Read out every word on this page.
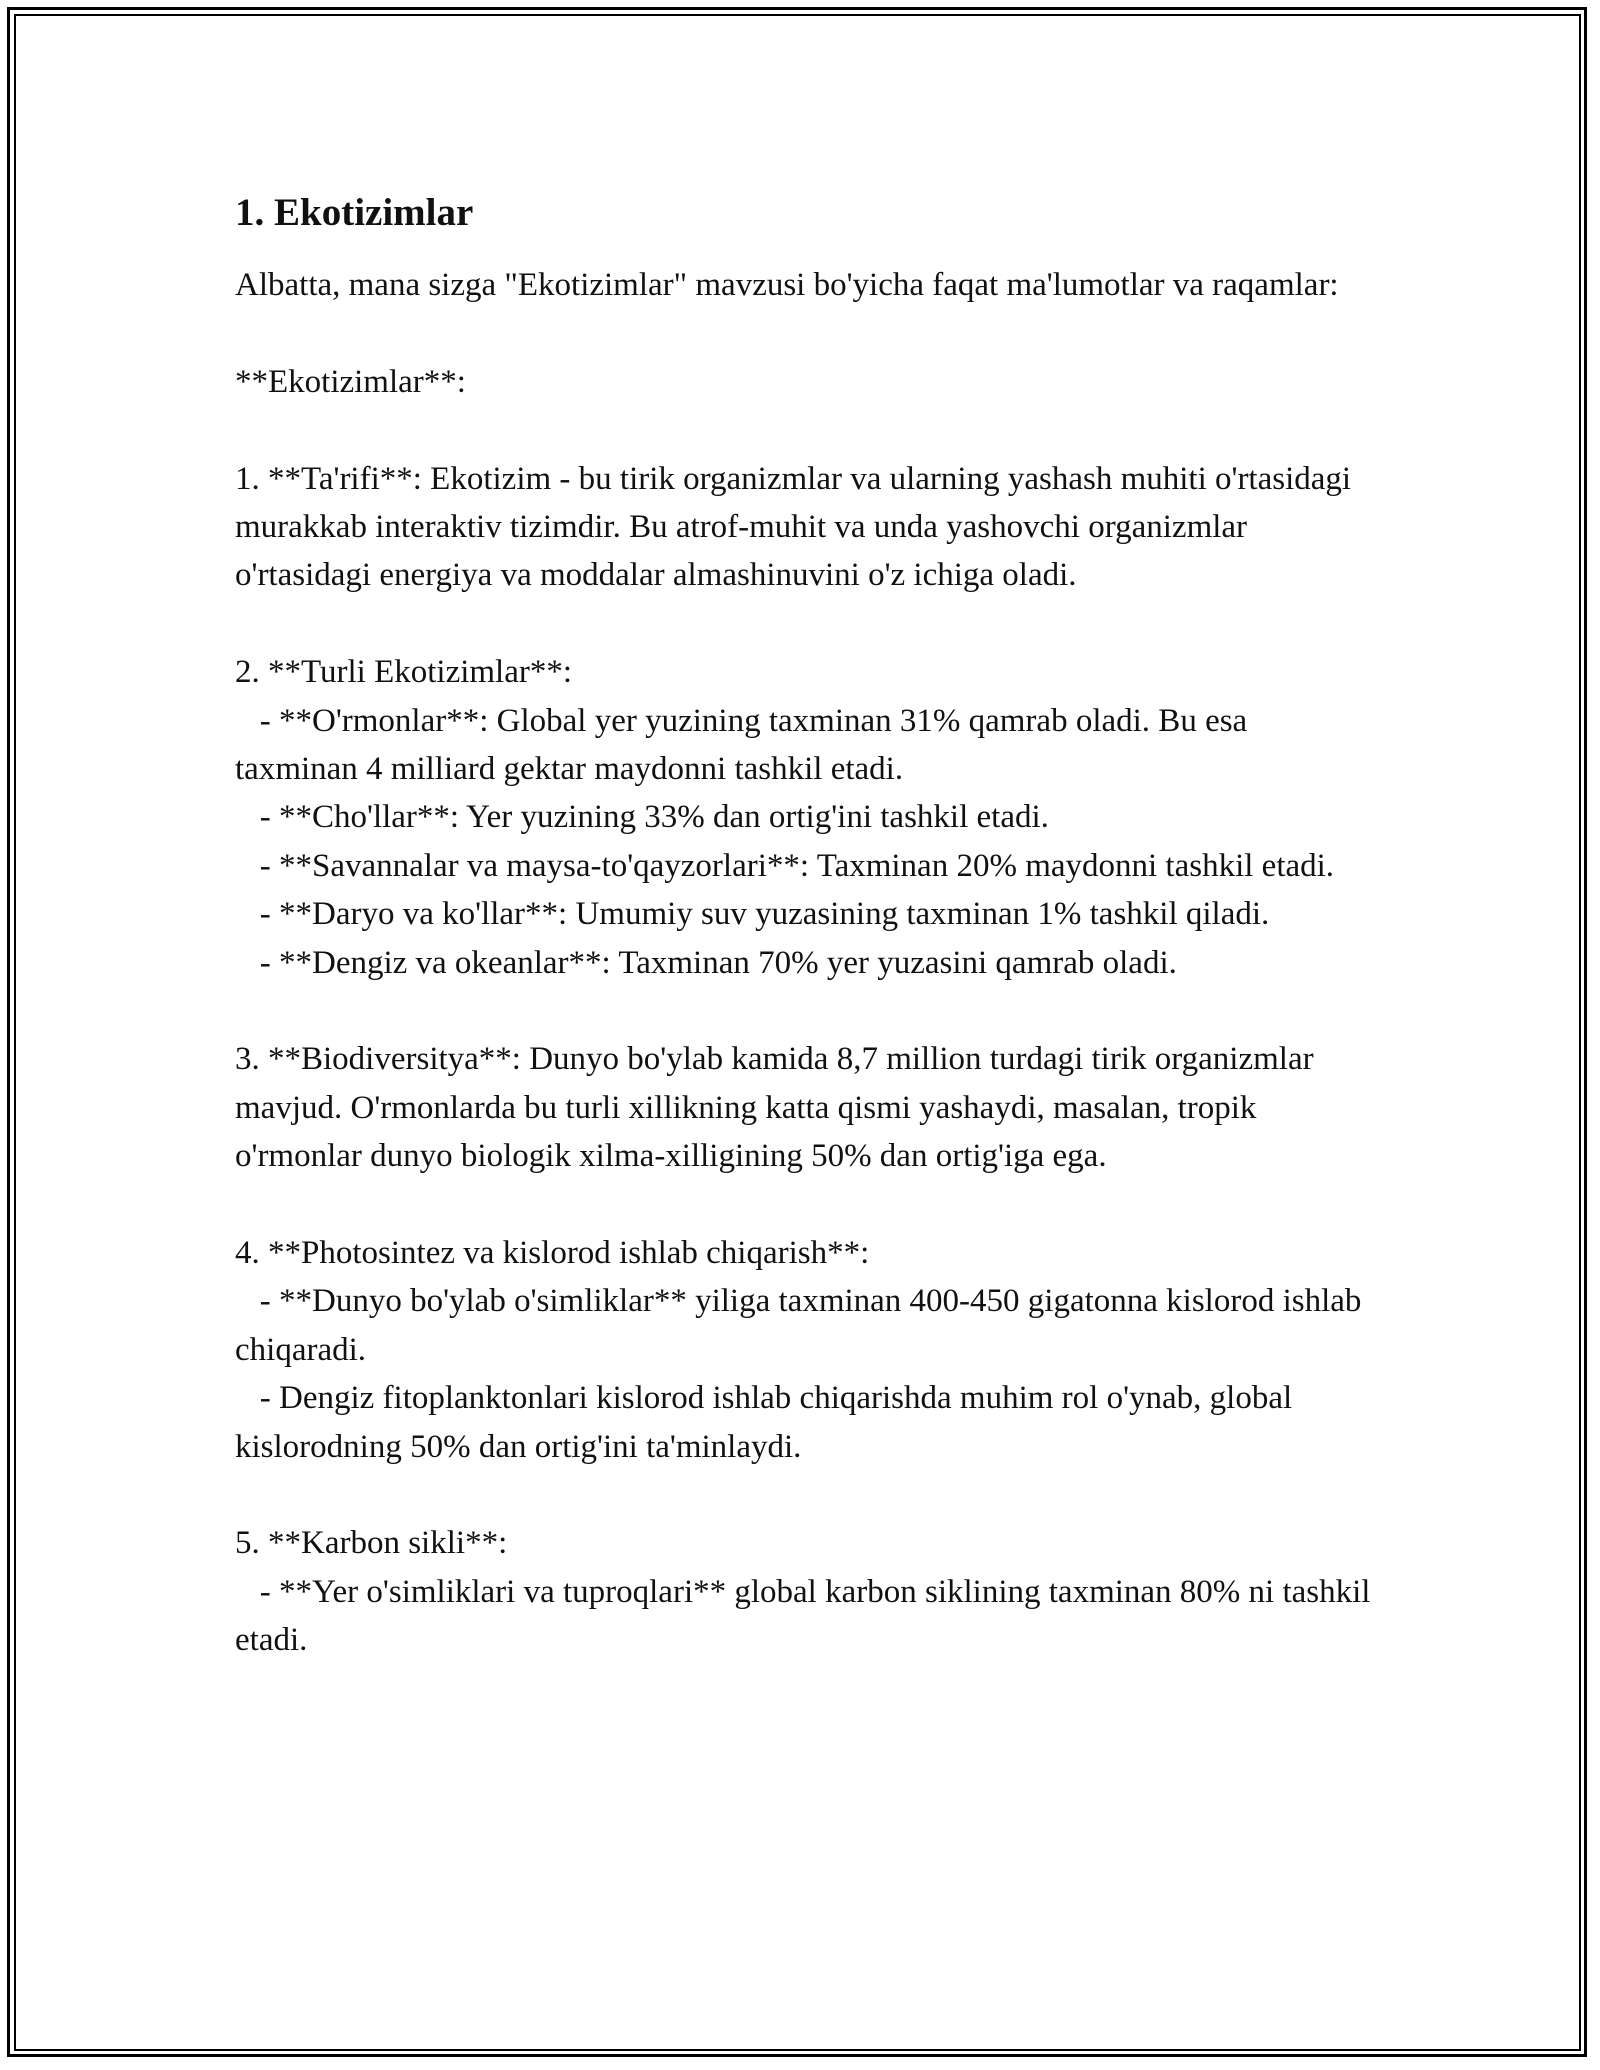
1. Ekotizimlar

Albatta, mana sizga "Ekotizimlar" mavzusi bo'yicha faqat ma'lumotlar va raqamlar:

**Ekotizimlar**:

1. **Ta'rifi**: Ekotizim - bu tirik organizmlar va ularning yashash muhiti o'rtasidagi murakkab interaktiv tizimdir. Bu atrof-muhit va unda yashovchi organizmlar o'rtasidagi energiya va moddalar almashinuvini o'z ichiga oladi.

2. **Turli Ekotizimlar**:
- **O'rmonlar**: Global yer yuzining taxminan 31% qamrab oladi. Bu esa taxminan 4 milliard gektar maydonni tashkil etadi.
- **Cho'llar**: Yer yuzining 33% dan ortig'ini tashkil etadi.
- **Savannalar va maysa-to'qayzorlari**: Taxminan 20% maydonni tashkil etadi.
- **Daryo va ko'llar**: Umumiy suv yuzasining taxminan 1% tashkil qiladi.
- **Dengiz va okeanlar**: Taxminan 70% yer yuzasini qamrab oladi.

3. **Biodiversitya**: Dunyo bo'ylab kamida 8,7 million turdagi tirik organizmlar mavjud. O'rmonlarda bu turli xillikning katta qismi yashaydi, masalan, tropik o'rmonlar dunyo biologik xilma-xilligining 50% dan ortig'iga ega.

4. **Photosintez va kislorod ishlab chiqarish**:
- **Dunyo bo'ylab o'simliklar** yiliga taxminan 400-450 gigatonna kislorod ishlab chiqaradi.
- Dengiz fitoplanktonlari kislorod ishlab chiqarishda muhim rol o'ynab, global kislorodning 50% dan ortig'ini ta'minlaydi.

5. **Karbon sikli**:
- **Yer o'simliklari va tuproqlari** global karbon siklining taxminan 80% ni tashkil etadi.
